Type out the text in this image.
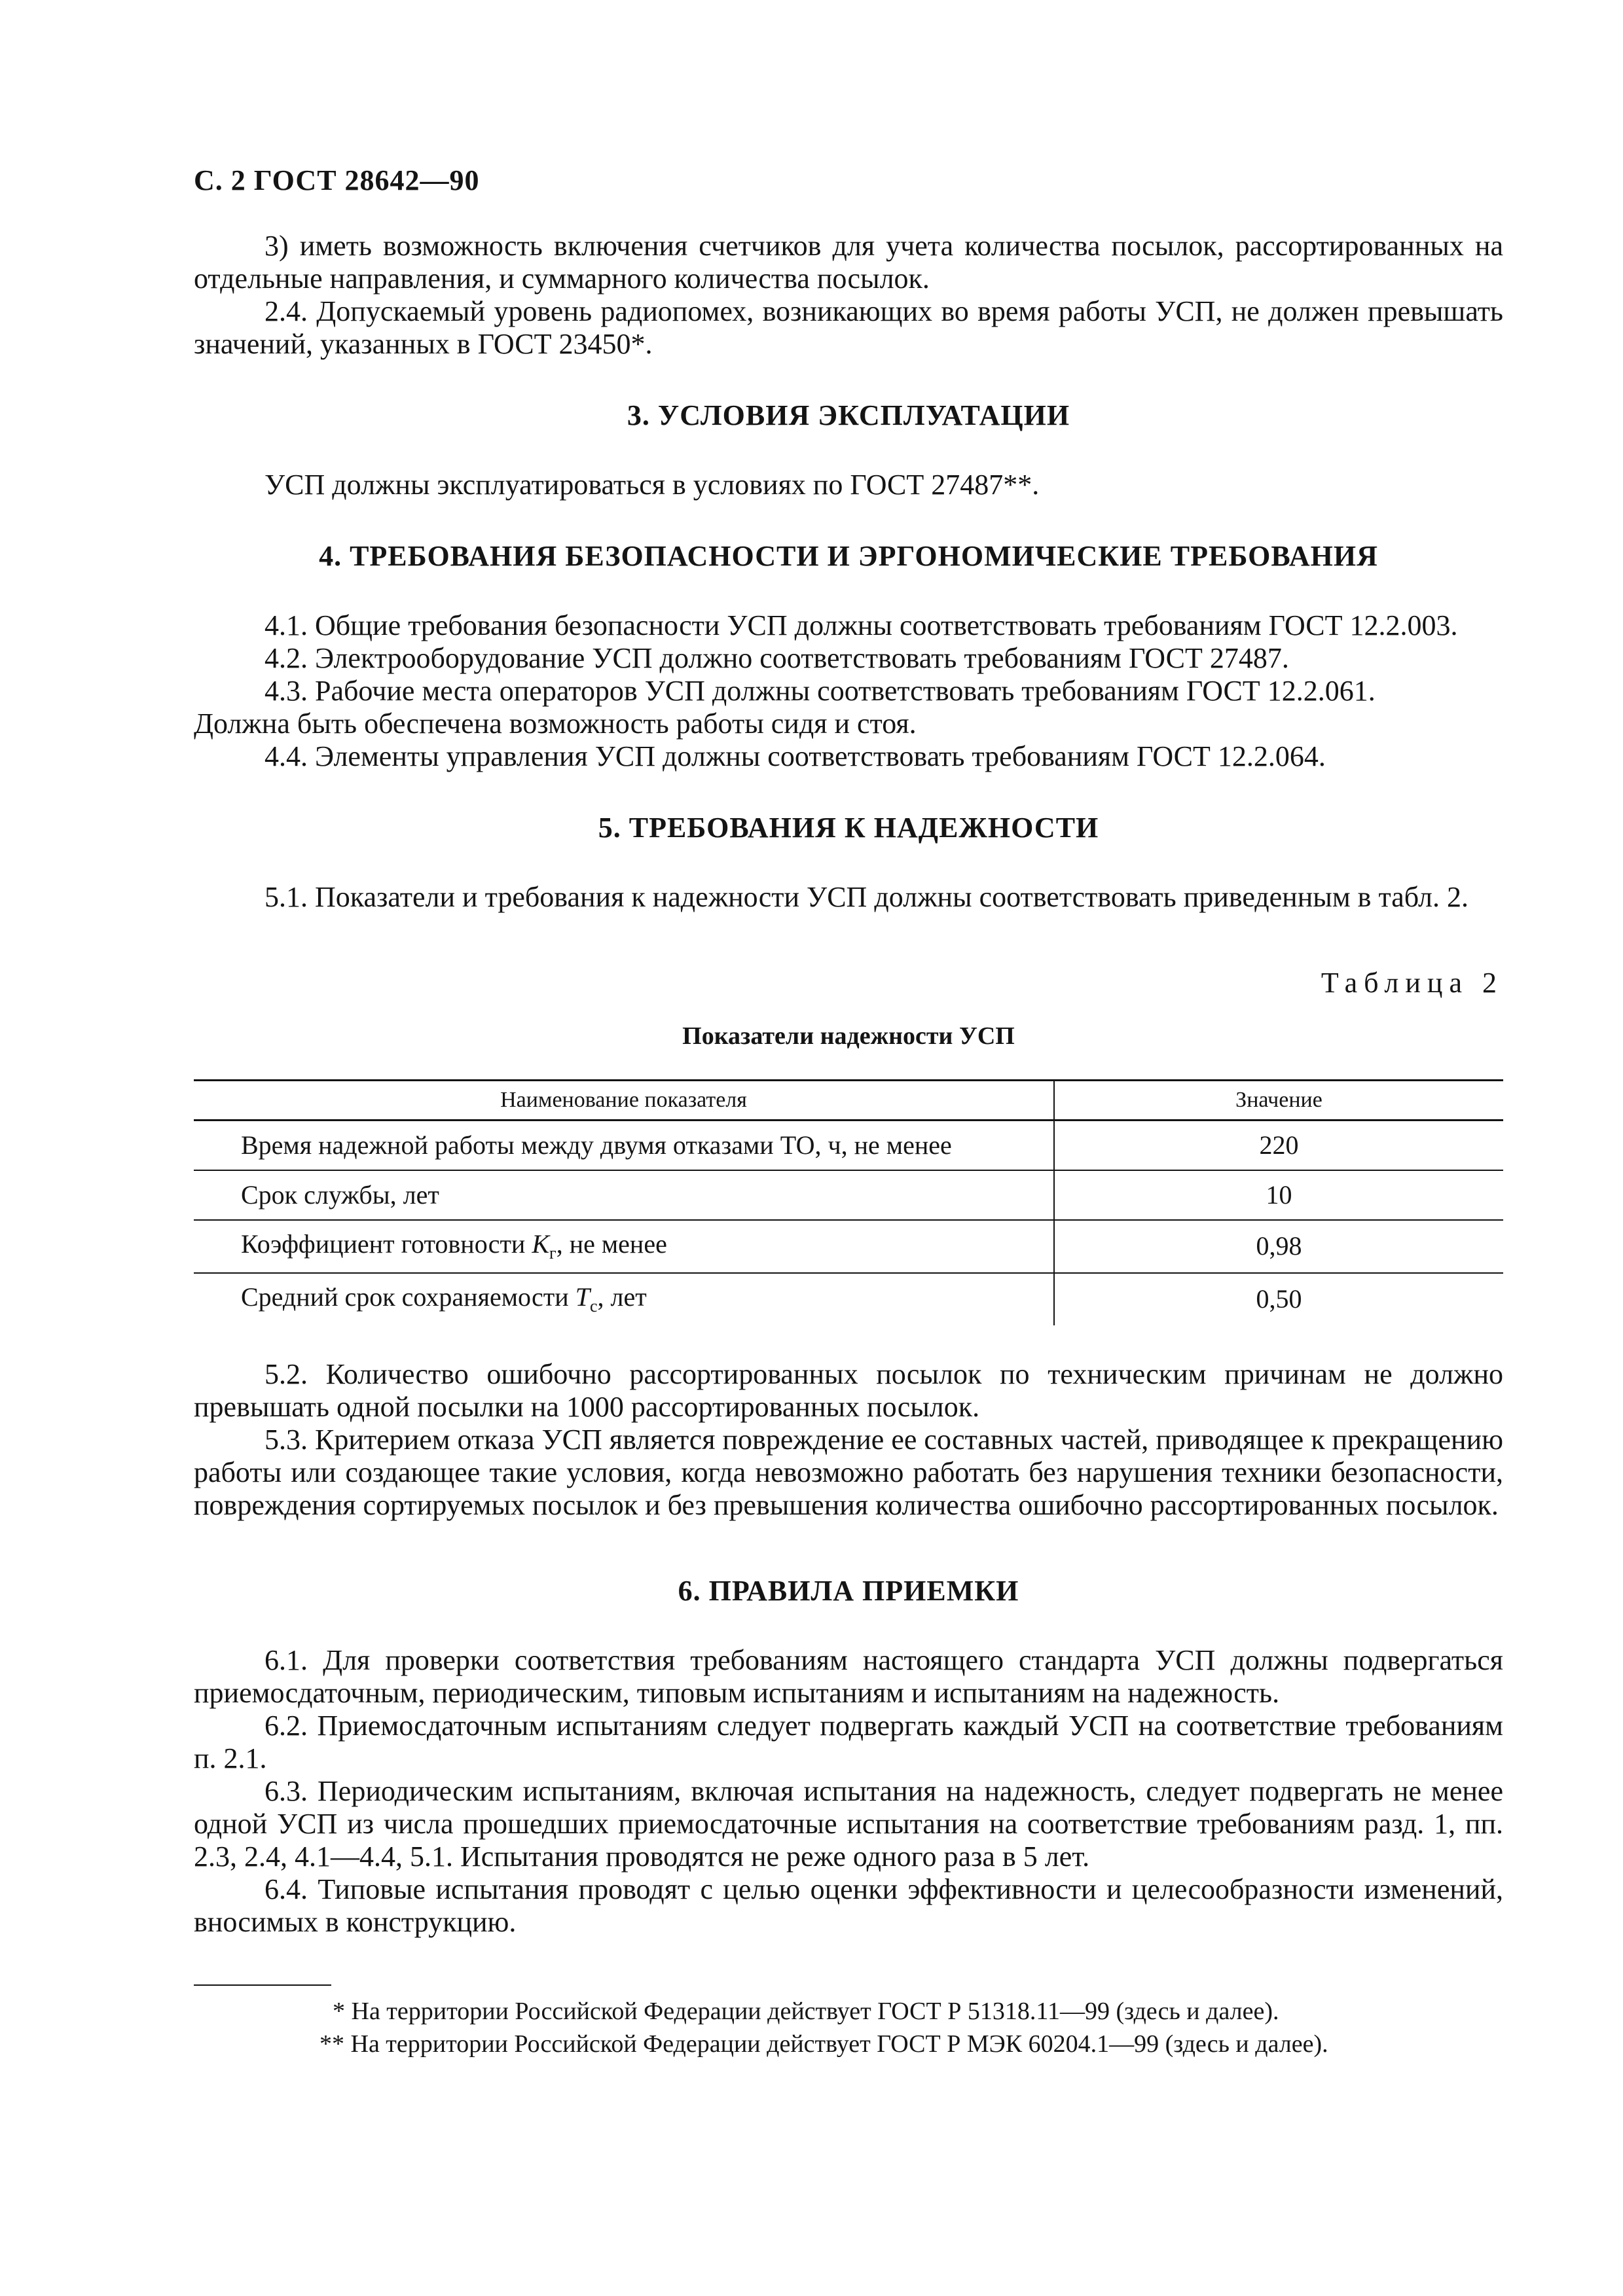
С. 2 ГОСТ 28642—90

3) иметь возможность включения счетчиков для учета количества посылок, рассортированных на отдельные направления, и суммарного количества посылок.

2.4. Допускаемый уровень радиопомех, возникающих во время работы УСП, не должен превышать значений, указанных в ГОСТ 23450*.

3. УСЛОВИЯ ЭКСПЛУАТАЦИИ

УСП должны эксплуатироваться в условиях по ГОСТ 27487**.

4. ТРЕБОВАНИЯ БЕЗОПАСНОСТИ И ЭРГОНОМИЧЕСКИЕ ТРЕБОВАНИЯ

4.1. Общие требования безопасности УСП должны соответствовать требованиям ГОСТ 12.2.003.

4.2. Электрооборудование УСП должно соответствовать требованиям ГОСТ 27487.

4.3. Рабочие места операторов УСП должны соответствовать требованиям ГОСТ 12.2.061.

Должна быть обеспечена возможность работы сидя и стоя.

4.4. Элементы управления УСП должны соответствовать требованиям ГОСТ 12.2.064.

5. ТРЕБОВАНИЯ К НАДЕЖНОСТИ

5.1. Показатели и требования к надежности УСП должны соответствовать приведенным в табл. 2.

Таблица 2
Показатели надежности УСП
Наименование показателя	Значение
Время надежной работы между двумя отказами ТО, ч, не менее	220
Срок службы, лет	10
Коэффициент готовности $K_г$, не менее	0,98
Средний срок сохраняемости $T_с$, лет	0,50

5.2. Количество ошибочно рассортированных посылок по техническим причинам не должно превышать одной посылки на 1000 рассортированных посылок.

5.3. Критерием отказа УСП является повреждение ее составных частей, приводящее к прекращению работы или создающее такие условия, когда невозможно работать без нарушения техники безопасности, повреждения сортируемых посылок и без превышения количества ошибочно рассортированных посылок.

6. ПРАВИЛА ПРИЕМКИ

6.1. Для проверки соответствия требованиям настоящего стандарта УСП должны подвергаться приемосдаточным, периодическим, типовым испытаниям и испытаниям на надежность.

6.2. Приемосдаточным испытаниям следует подвергать каждый УСП на соответствие требованиям п. 2.1.

6.3. Периодическим испытаниям, включая испытания на надежность, следует подвергать не менее одной УСП из числа прошедших приемосдаточные испытания на соответствие требованиям разд. 1, пп. 2.3, 2.4, 4.1—4.4, 5.1. Испытания проводятся не реже одного раза в 5 лет.

6.4. Типовые испытания проводят с целью оценки эффективности и целесообразности изменений, вносимых в конструкцию.

* На территории Российской Федерации действует ГОСТ Р 51318.11—99 (здесь и далее).

** На территории Российской Федерации действует ГОСТ Р МЭК 60204.1—99 (здесь и далее).
